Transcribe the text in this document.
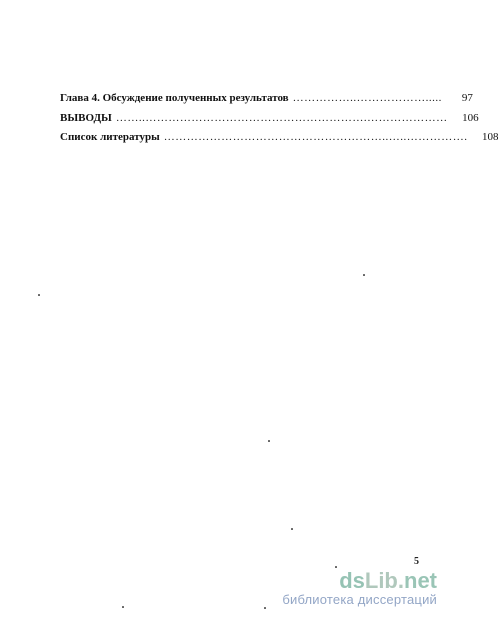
Глава 4. Обсуждение полученных результатов ……………..……………….....	97
ВЫВОДЫ ……..………………………………………………….…………………	106
Список литературы …………………………………………………..…..…………….	108
5
ds Lib . net
библиотека диссертаций
